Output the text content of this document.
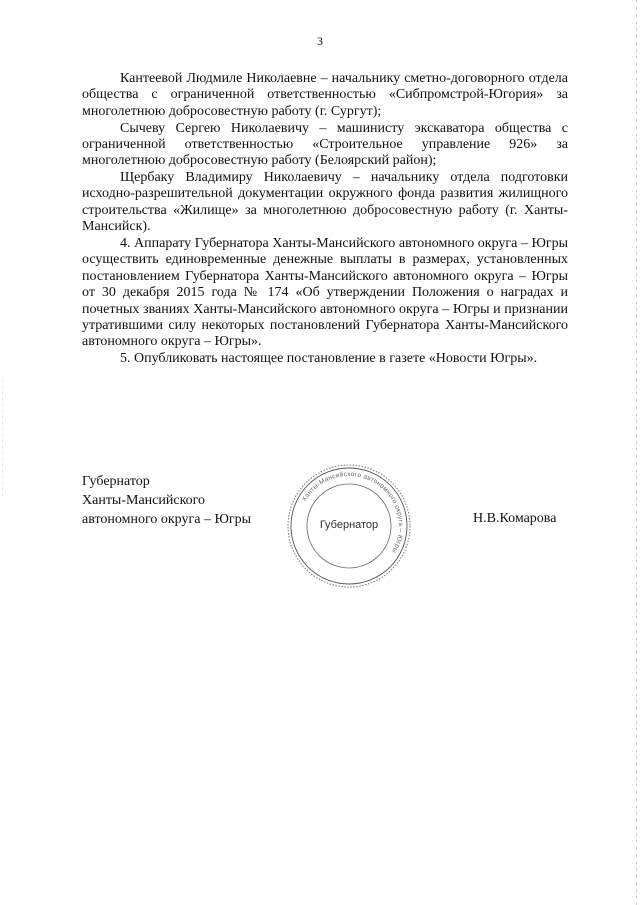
3

Кантеевой Людмиле Николаевне – начальнику сметно-договорного отдела общества с ограниченной ответственностью «Сибпромстрой-Югория» за многолетнюю добросовестную работу (г. Сургут);

Сычеву Сергею Николаевичу – машинисту экскаватора общества с ограниченной ответственностью «Строительное управление 926» за многолетнюю добросовестную работу (Белоярский район);

Щербаку Владимиру Николаевичу – начальнику отдела подготовки исходно-разрешительной документации окружного фонда развития жилищного строительства «Жилище» за многолетнюю добросовестную работу (г. Ханты-Мансийск).

4. Аппарату Губернатора Ханты-Мансийского автономного округа – Югры осуществить единовременные денежные выплаты в размерах, установленных постановлением Губернатора Ханты-Мансийского автономного округа – Югры от 30 декабря 2015 года № 174 «Об утверждении Положения о наградах и почетных званиях Ханты-Мансийского автономного округа – Югры и признании утратившими силу некоторых постановлений Губернатора Ханты-Мансийского автономного округа – Югры».

5. Опубликовать настоящее постановление в газете «Новости Югры».

Губернатор
Ханты-Мансийского
автономного округа – Югры
Ханты-Мансийского автономного округа – Югры
Губернатор	Н.В.Комарова
